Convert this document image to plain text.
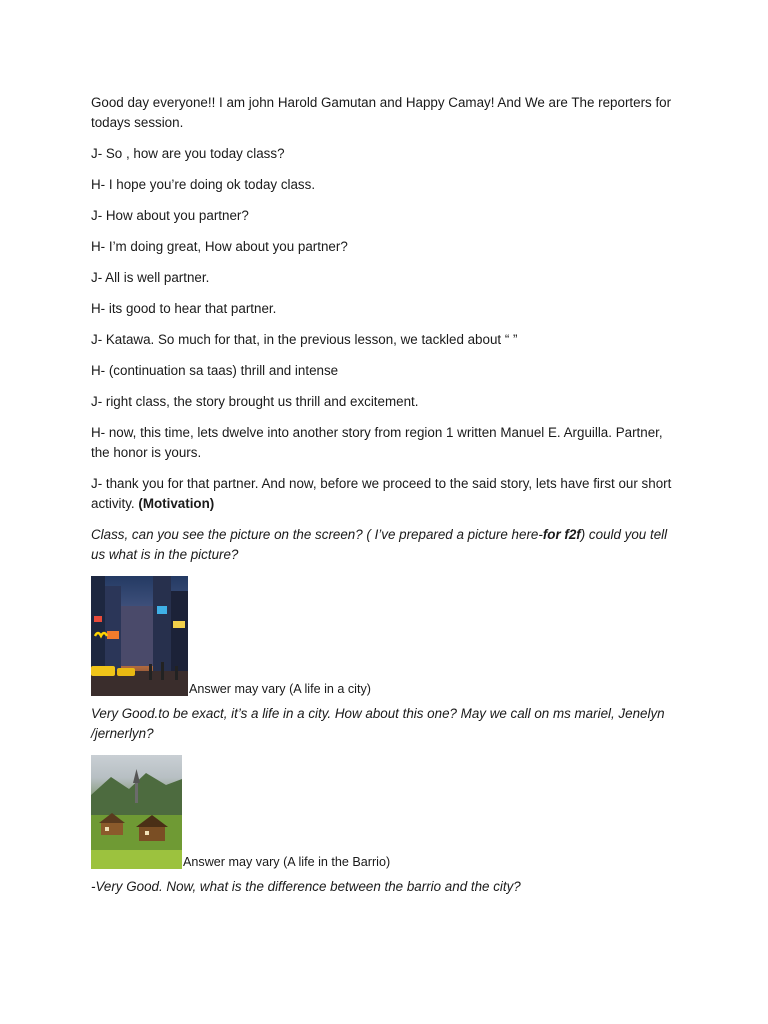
Good day everyone!! I am john Harold Gamutan and Happy Camay! And We are The reporters for todays session.

J- So , how are you today class?

H- I hope you’re doing ok today class.

J- How about you partner?

H- I’m doing great, How about you partner?

J- All is well partner.

H- its good to hear that partner.

J- Katawa. So much for that, in the previous lesson, we tackled about “ ”

H- (continuation sa taas) thrill and intense

J- right class, the story brought us thrill and excitement.

H- now, this time, lets dwelve into another story from region 1 written Manuel E. Arguilla. Partner, the honor is yours.

J- thank you for that partner. And now, before we proceed to the said story, lets have first our short activity. (Motivation)

Class, can you see the picture on the screen? ( I’ve prepared a picture here-for f2f) could you tell us what is in the picture?

Answer may vary (A life in a city)

Very Good.to be exact, it’s a life in a city. How about this one? May we call on ms mariel, Jenelyn /jernerlyn?

Answer may vary (A life in the Barrio)

-Very Good. Now, what is the difference between the barrio and the city?
